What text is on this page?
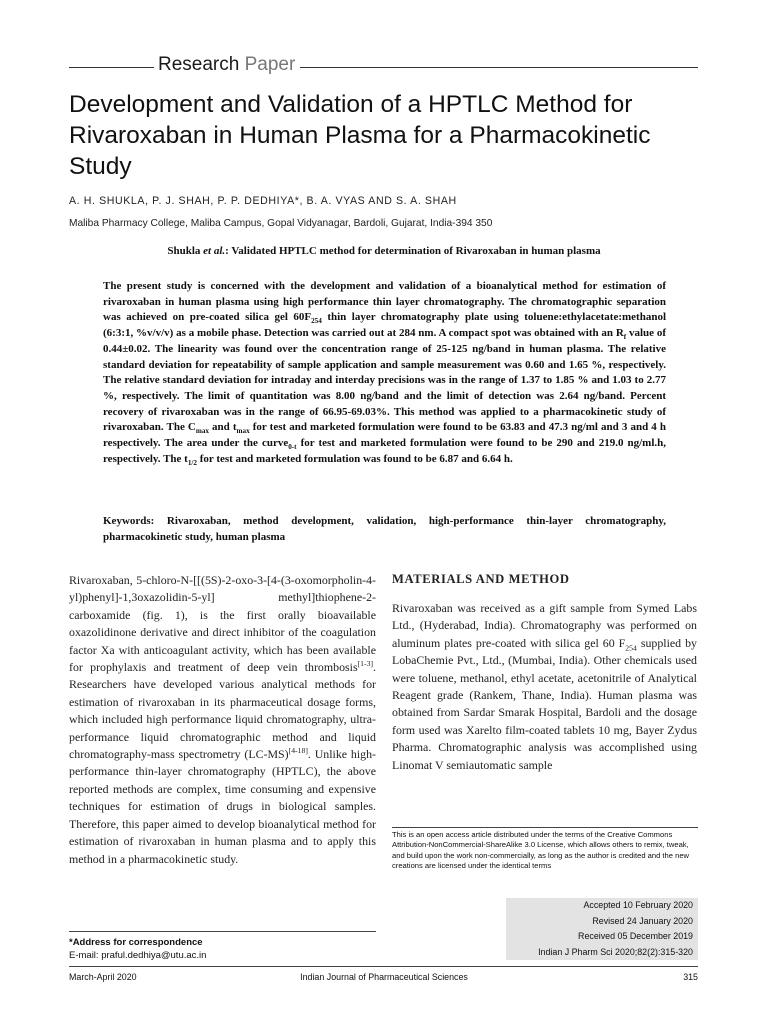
Research Paper
Development and Validation of a HPTLC Method for Rivaroxaban in Human Plasma for a Pharmacokinetic Study
A. H. SHUKLA, P. J. SHAH, P. P. DEDHIYA*, B. A. VYAS AND S. A. SHAH
Maliba Pharmacy College, Maliba Campus, Gopal Vidyanagar, Bardoli, Gujarat, India-394 350
Shukla et al.: Validated HPTLC method for determination of Rivaroxaban in human plasma
The present study is concerned with the development and validation of a bioanalytical method for estimation of rivaroxaban in human plasma using high performance thin layer chromatography. The chromatographic separation was achieved on pre-coated silica gel $60F_{254}$ thin layer chromatography plate using toluene:ethylacetate:methanol (6:3:1, %v/v/v) as a mobile phase. Detection was carried out at 284 nm. A compact spot was obtained with an $R_f$ value of 0.44±0.02. The linearity was found over the concentration range of 25-125 ng/band in human plasma. The relative standard deviation for repeatability of sample application and sample measurement was 0.60 and 1.65 %, respectively. The relative standard deviation for intraday and interday precisions was in the range of 1.37 to 1.85 % and 1.03 to 2.77 %, respectively. The limit of quantitation was 8.00 ng/band and the limit of detection was 2.64 ng/band. Percent recovery of rivaroxaban was in the range of 66.95-69.03%. This method was applied to a pharmacokinetic study of rivaroxaban. The $C_{max}$ and $t_{max}$ for test and marketed formulation were found to be 63.83 and 47.3 ng/ml and 3 and 4 h respectively. The area under the curve$_{0-t}$ for test and marketed formulation were found to be 290 and 219.0 ng/ml.h, respectively. The $t_{1/2}$ for test and marketed formulation was found to be 6.87 and 6.64 h.
Keywords: Rivaroxaban, method development, validation, high-performance thin-layer chromatography, pharmacokinetic study, human plasma
Rivaroxaban, 5-chloro-N-[[(5S)-2-oxo-3-[4-(3-oxomorpholin-4-yl)phenyl]-1,3oxazolidin-5-yl] methyl]thiophene-2-carboxamide (fig. 1), is the first orally bioavailable oxazolidinone derivative and direct inhibitor of the coagulation factor Xa with anticoagulant activity, which has been available for prophylaxis and treatment of deep vein thrombosis[1-3]. Researchers have developed various analytical methods for estimation of rivaroxaban in its pharmaceutical dosage forms, which included high performance liquid chromatography, ultra-performance liquid chromatographic method and liquid chromatography-mass spectrometry (LC-MS)[4-18]. Unlike high-performance thin-layer chromatography (HPTLC), the above reported methods are complex, time consuming and expensive techniques for estimation of drugs in biological samples. Therefore, this paper aimed to develop bioanalytical method for estimation of rivaroxaban in human plasma and to apply this method in a pharmacokinetic study.
MATERIALS AND METHOD
Rivaroxaban was received as a gift sample from Symed Labs Ltd., (Hyderabad, India). Chromatography was performed on aluminum plates pre-coated with silica gel 60 $F_{254}$ supplied by LobaChemie Pvt., Ltd., (Mumbai, India). Other chemicals used were toluene, methanol, ethyl acetate, acetonitrile of Analytical Reagent grade (Rankem, Thane, India). Human plasma was obtained from Sardar Smarak Hospital, Bardoli and the dosage form used was Xarelto film-coated tablets 10 mg, Bayer Zydus Pharma. Chromatographic analysis was accomplished using Linomat V semiautomatic sample
This is an open access article distributed under the terms of the Creative Commons Attribution-NonCommercial-ShareAlike 3.0 License, which allows others to remix, tweak, and build upon the work non-commercially, as long as the author is credited and the new creations are licensed under the identical terms
Accepted 10 February 2020
Revised 24 January 2020
Received 05 December 2019
Indian J Pharm Sci 2020;82(2):315-320
*Address for correspondence
E-mail: praful.dedhiya@utu.ac.in
March-April 2020	Indian Journal of Pharmaceutical Sciences	315
